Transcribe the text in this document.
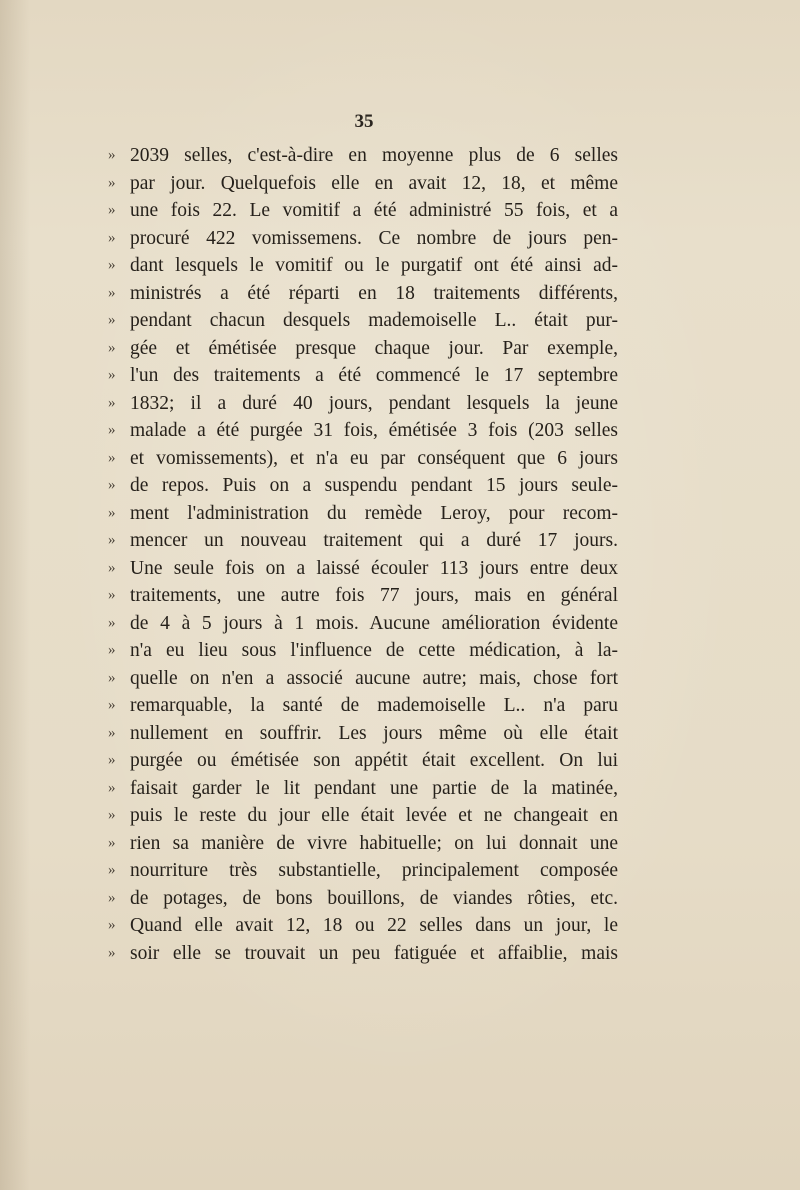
35
» 2039 selles, c'est-à-dire en moyenne plus de 6 selles
» par jour. Quelquefois elle en avait 12, 18, et même
» une fois 22. Le vomitif a été administré 55 fois, et a
» procuré 422 vomissemens. Ce nombre de jours pen-
» dant lesquels le vomitif ou le purgatif ont été ainsi ad-
» ministrés a été réparti en 18 traitements différents,
» pendant chacun desquels mademoiselle L.. était pur-
» gée et émétisée presque chaque jour. Par exemple,
» l'un des traitements a été commencé le 17 septembre
» 1832; il a duré 40 jours, pendant lesquels la jeune
» malade a été purgée 31 fois, émétisée 3 fois (203 selles
» et vomissements), et n'a eu par conséquent que 6 jours
» de repos. Puis on a suspendu pendant 15 jours seule-
» ment l'administration du remède Leroy, pour recom-
» mencer un nouveau traitement qui a duré 17 jours.
» Une seule fois on a laissé écouler 113 jours entre deux
» traitements, une autre fois 77 jours, mais en général
» de 4 à 5 jours à 1 mois. Aucune amélioration évidente
» n'a eu lieu sous l'influence de cette médication, à la-
» quelle on n'en a associé aucune autre; mais, chose fort
» remarquable, la santé de mademoiselle L.. n'a paru
» nullement en souffrir. Les jours même où elle était
» purgée ou émétisée son appétit était excellent. On lui
» faisait garder le lit pendant une partie de la matinée,
» puis le reste du jour elle était levée et ne changeait en
» rien sa manière de vivre habituelle; on lui donnait une
» nourriture très substantielle, principalement composée
» de potages, de bons bouillons, de viandes rôties, etc.
» Quand elle avait 12, 18 ou 22 selles dans un jour, le
» soir elle se trouvait un peu fatiguée et affaiblie, mais
